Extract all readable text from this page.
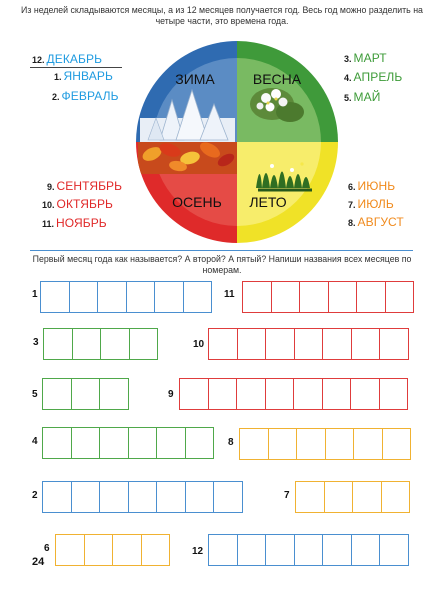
Из неделей складываются месяцы, а из 12 месяцев получается год. Весь год можно разделить на четыре части, это времена года.
ЗИМА	ВЕСНА
ОСЕНЬ ЛЕТО
12. ДЕКАБРЬ
1. ЯНВАРЬ
2. ФЕВРАЛЬ
3. МАРТ
4. АПРЕЛЬ
5. МАЙ
9. СЕНТЯБРЬ
10. ОКТЯБРЬ
11. НОЯБРЬ
6. ИЮНЬ
7. ИЮЛЬ
8. АВГУСТ
Первый месяц года как называется? А второй? А пятый? Напиши названия всех месяцев по номерам.
1	11
3	10
5	9
4	8
2	7
6	12
24
